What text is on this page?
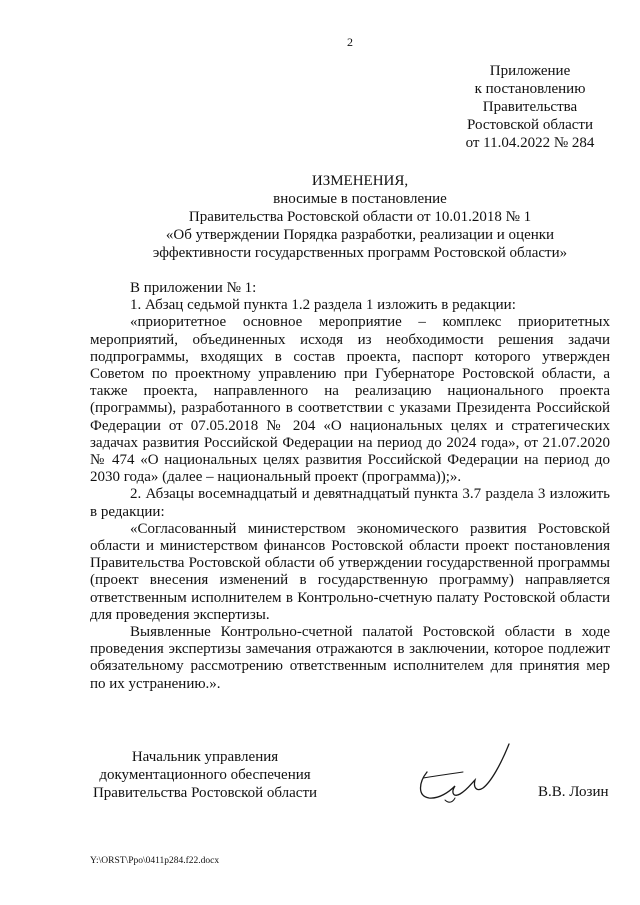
2
Приложение
к постановлению
Правительства
Ростовской области
от 11.04.2022 № 284
ИЗМЕНЕНИЯ,
вносимые в постановление
Правительства Ростовской области от 10.01.2018 № 1
«Об утверждении Порядка разработки, реализации и оценки
эффективности государственных программ Ростовской области»

В приложении № 1:

1. Абзац седьмой пункта 1.2 раздела 1 изложить в редакции:

«приоритетное основное мероприятие – комплекс приоритетных мероприятий, объединенных исходя из необходимости решения задачи подпрограммы, входящих в состав проекта, паспорт которого утвержден Советом по проектному управлению при Губернаторе Ростовской области, а также проекта, направленного на реализацию национального проекта (программы), разработанного в соответствии с указами Президента Российской Федерации от 07.05.2018 № 204 «О национальных целях и стратегических задачах развития Российской Федерации на период до 2024 года», от 21.07.2020 № 474 «О национальных целях развития Российской Федерации на период до 2030 года» (далее – национальный проект (программа));».

2. Абзацы восемнадцатый и девятнадцатый пункта 3.7 раздела 3 изложить в редакции:

«Согласованный министерством экономического развития Ростовской области и министерством финансов Ростовской области проект постановления Правительства Ростовской области об утверждении государственной программы (проект внесения изменений в государственную программу) направляется ответственным исполнителем в Контрольно-счетную палату Ростовской области для проведения экспертизы.

Выявленные Контрольно-счетной палатой Ростовской области в ходе проведения экспертизы замечания отражаются в заключении, которое подлежит обязательному рассмотрению ответственным исполнителем для принятия мер по их устранению.».

Начальник управления
документационного обеспечения
Правительства Ростовской области	В.В. Лозин
Y:\ORST\Ppo\0411p284.f22.docx
